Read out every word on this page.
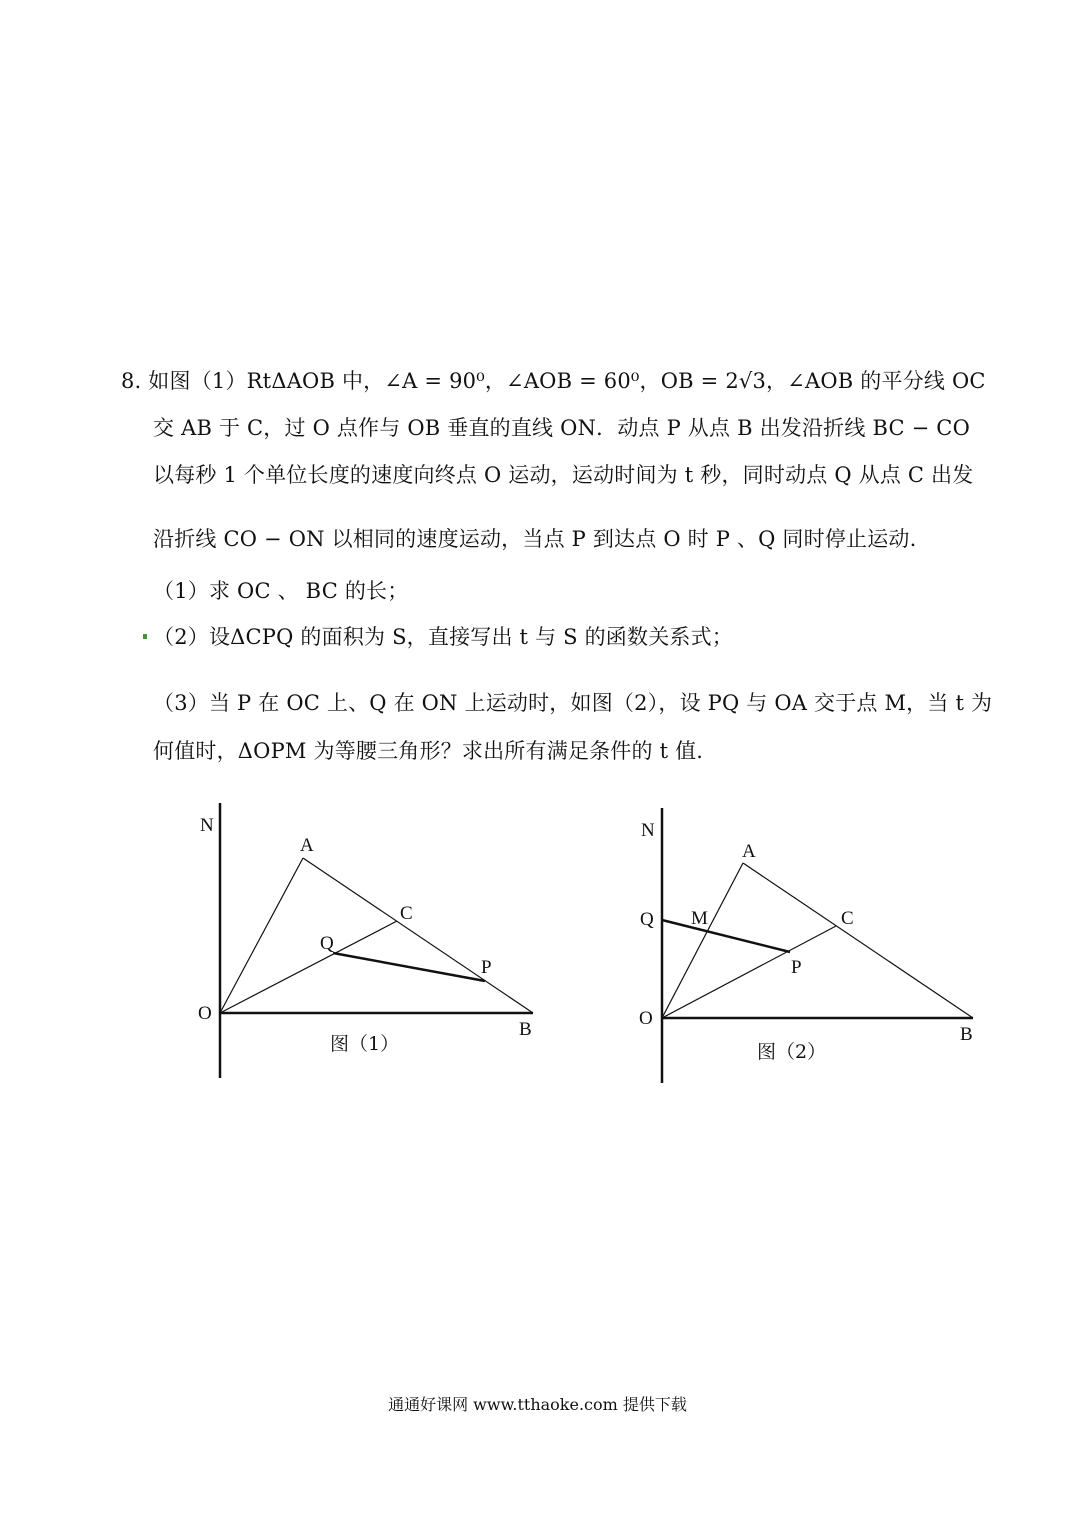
8. 如图（1）RtΔAOB 中，∠A = 90⁰，∠AOB = 60⁰，OB = 2√3，∠AOB 的平分线 OC
交 AB 于 C，过 O 点作与 OB 垂直的直线 ON．动点 P 从点 B 出发沿折线 BC − CO
以每秒 1 个单位长度的速度向终点 O 运动，运动时间为 t 秒，同时动点 Q 从点 C 出发
沿折线 CO − ON 以相同的速度运动，当点 P 到达点 O 时 P 、Q 同时停止运动.
（1）求 OC 、 BC 的长；
（2）设ΔCPQ 的面积为 S，直接写出 t 与 S 的函数关系式；
（3）当 P 在 OC 上、Q 在 ON 上运动时，如图（2），设 PQ 与 OA 交于点 M，当 t 为
何值时，ΔOPM 为等腰三角形？求出所有满足条件的 t 值.
N
A
C
Q
P
O
B
图（1）
N
A
Q M	C
P
O
B
图（2）
通通好课网 www.tthaoke.com 提供下载
